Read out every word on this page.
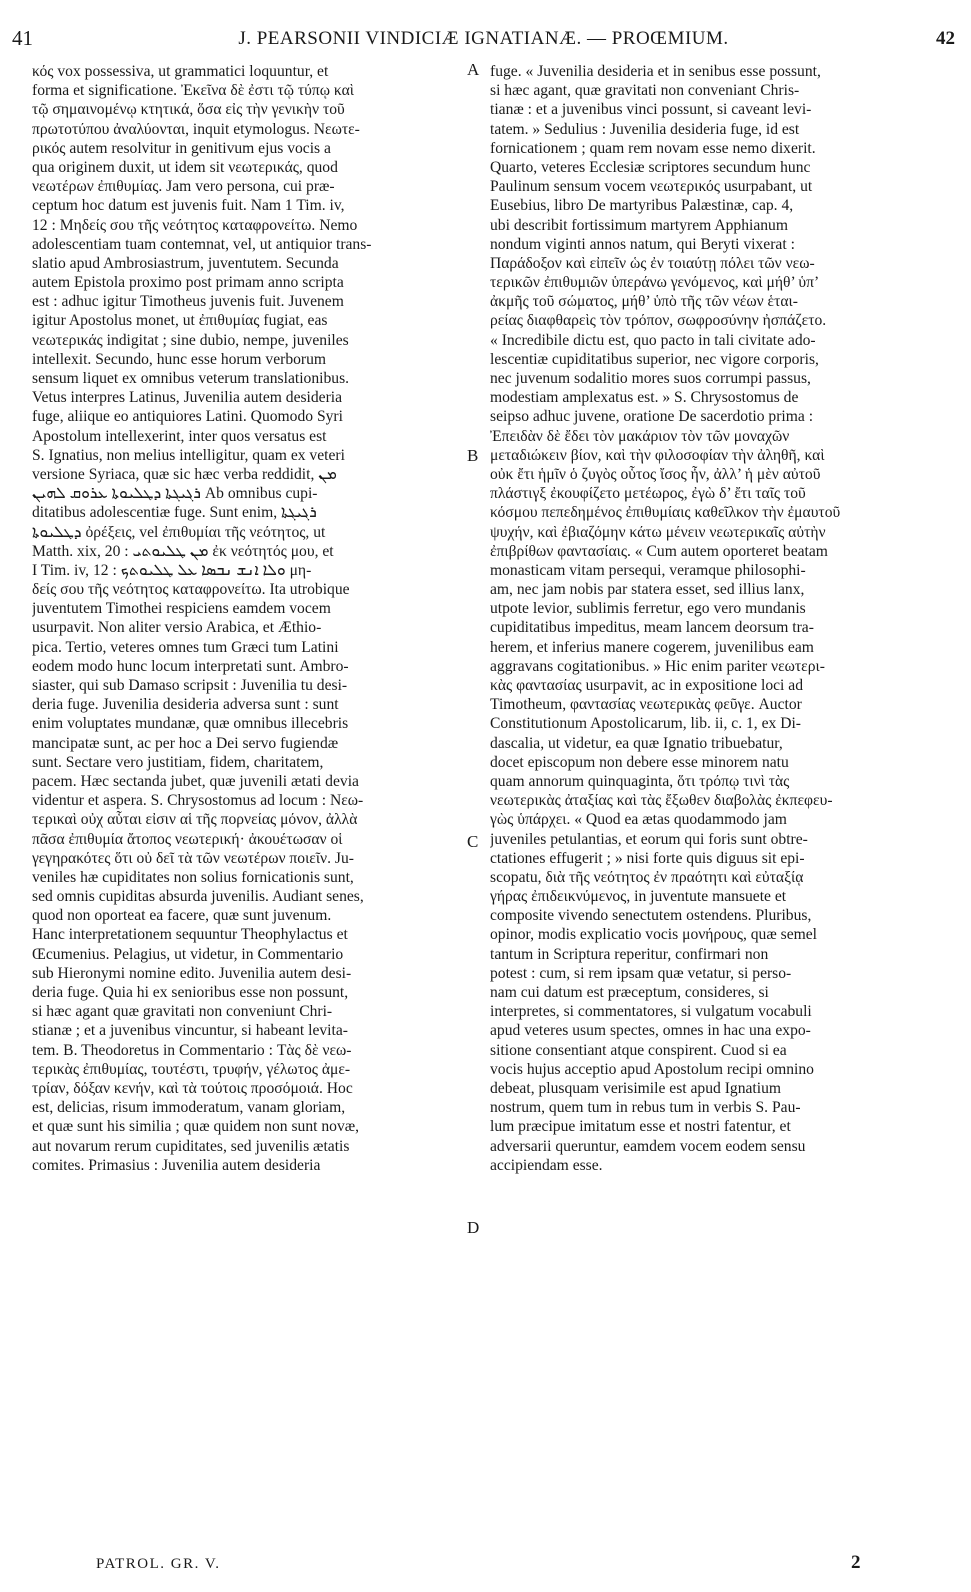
41	J. PEARSONII VINDICIÆ IGNATIANÆ. — PROŒMIUM.	42
κός vox possessiva, ut grammatici loquuntur, et
forma et significatione. Ἐκεῖνα δὲ ἐστι τῷ τύπῳ καὶ
τῷ σημαινομένῳ κτητικά, ὅσα εἰς τὴν γενικὴν τοῦ
πρωτοτύπου ἀναλύονται, inquit etymologus. Νεωτε-
ρικός autem resolvitur in genitivum ejus vocis a
qua originem duxit, ut idem sit νεωτερικάς, quod
νεωτέρων ἐπιθυμίας. Jam vero persona, cui præ-
ceptum hoc datum est juvenis fuit. Nam 1 Tim. iv,
12 : Μηδείς σου τῆς νεότητος καταφρονείτω. Nemo
adolescentiam tuam contemnat, vel, ut antiquior trans-
slatio apud Ambrosiastrum, juventutem. Secunda
autem Epistola proximo post primam anno scripta
est : adhuc igitur Timotheus juvenis fuit. Juvenem
igitur Apostolus monet, ut ἐπιθυμίας fugiat, eas
νεωτερικάς indigitat ; sine dubio, nempe, juveniles
intellexit. Secundo, hunc esse horum verborum
sensum liquet ex omnibus veterum translationibus.
Vetus interpres Latinus, Juvenilia autem desideria
fuge, aliique eo antiquiores Latini. Quomodo Syri
Apostolum intellexerint, inter quos versatus est
S. Ignatius, non melius intelligitur, quam ex veteri
versione Syriaca, quæ sic hæc verba reddidit, ܡܢ
ܪܓܝܓܬܐ ܕܛܠܝܘܬܐ ܥܪܘܩ ܠܗܝܢ Ab omnibus cupi-
ditatibus adolescentiæ fuge. Sunt enim, ܪܓܝܓܬܐ
ܕܛܠܝܘܬܐ ὀρέξεις, vel ἐπιθυμίαι τῆς νεότητος, ut
Matth. xix, 20 : ܡܢ ܛܠܝܘܬܝ ἐκ νεότητός μου, et
I Tim. iv, 12 : ܘܠܐ ܐܢܫ ܢܒܣܐ ܥܠ ܛܠܝܘܬܟ μη-
δείς σου τῆς νεότητος καταφρονείτω. Ita utrobique
juventutem Timothei respiciens eamdem vocem
usurpavit. Non aliter versio Arabica, et Æthio-
pica. Tertio, veteres omnes tum Græci tum Latini
eodem modo hunc locum interpretati sunt. Ambro-
siaster, qui sub Damaso scripsit : Juvenilia tu desi-
deria fuge. Juvenilia desideria adversa sunt : sunt
enim voluptates mundanæ, quæ omnibus illecebris
mancipatæ sunt, ac per hoc a Dei servo fugiendæ
sunt. Sectare vero justitiam, fidem, charitatem,
pacem. Hæc sectanda jubet, quæ juvenili ætati devia
videntur et aspera. S. Chrysostomus ad locum : Νεω-
τερικαὶ οὐχ αὗται εἰσιν αἱ τῆς πορνείας μόνον, ἀλλὰ
πᾶσα ἐπιθυμία ἄτοπος νεωτερική· ἀκουέτωσαν οἱ
γεγηρακότες ὅτι οὐ δεῖ τὰ τῶν νεωτέρων ποιεῖν. Ju-
veniles hæ cupiditates non solius fornicationis sunt,
sed omnis cupiditas absurda juvenilis. Audiant senes,
quod non oporteat ea facere, quæ sunt juvenum.
Hanc interpretationem sequuntur Theophylactus et
Œcumenius. Pelagius, ut videtur, in Commentario
sub Hieronymi nomine edito. Juvenilia autem desi-
deria fuge. Quia hi ex senioribus esse non possunt,
si hæc agant quæ gravitati non conveniunt Chri-
stianæ ; et a juvenibus vincuntur, si habeant levita-
tem. B. Theodoretus in Commentario : Τὰς δὲ νεω-
τερικὰς ἐπιθυμίας, τουτέστι, τρυφήν, γέλωτος ἀμε-
τρίαν, δόξαν κενήν, καὶ τὰ τούτοις προσόμοιά. Hoc
est, delicias, risum immoderatum, vanam gloriam,
et quæ sunt his similia ; quæ quidem non sunt novæ,
aut novarum rerum cupiditates, sed juvenilis ætatis
comites. Primasius : Juvenilia autem desideria
fuge. « Juvenilia desideria et in senibus esse possunt,
si hæc agant, quæ gravitati non conveniant Chris-
tianæ : et a juvenibus vinci possunt, si caveant levi-
tatem. » Sedulius : Juvenilia desideria fuge, id est
fornicationem ; quam rem novam esse nemo dixerit.
Quarto, veteres Ecclesiæ scriptores secundum hunc
Paulinum sensum vocem νεωτερικός usurpabant, ut
Eusebius, libro De martyribus Palæstinæ, cap. 4,
ubi describit fortissimum martyrem Apphianum
nondum viginti annos natum, qui Beryti vixerat :
Παράδοξον καὶ εἰπεῖν ὡς ἐν τοιαύτῃ πόλει τῶν νεω-
τερικῶν ἐπιθυμιῶν ὑπεράνω γενόμενος, καὶ μήθ’ ὑπ’
ἀκμῆς τοῦ σώματος, μήθ’ ὑπὸ τῆς τῶν νέων ἑται-
ρείας διαφθαρεὶς τὸν τρόπον, σωφροσύνην ἠσπάζετο.
« Incredibile dictu est, quo pacto in tali civitate ado-
lescentiæ cupiditatibus superior, nec vigore corporis,
nec juvenum sodalitio mores suos corrumpi passus,
modestiam amplexatus est. » S. Chrysostomus de
seipso adhuc juvene, oratione De sacerdotio prima :
Ἐπειδὰν δὲ ἔδει τὸν μακάριον τὸν τῶν μοναχῶν
μεταδιώκειν βίον, καὶ τὴν φιλοσοφίαν τὴν ἀληθῆ, καὶ
οὐκ ἔτι ἡμῖν ὁ ζυγὸς οὗτος ἴσος ἦν, ἀλλ’ ἡ μὲν αὐτοῦ
πλάστιγξ ἐκουφίζετο μετέωρος, ἐγὼ δ’ ἔτι ταῖς τοῦ
κόσμου πεπεδημένος ἐπιθυμίαις καθεῖλκον τὴν ἐμαυτοῦ
ψυχήν, καὶ ἐβιαζόμην κάτω μένειν νεωτερικαῖς αὐτὴν
ἐπιβρίθων φαντασίαις. « Cum autem oporteret beatam
monasticam vitam persequi, veramque philosophi-
am, nec jam nobis par statera esset, sed illius lanx,
utpote levior, sublimis ferretur, ego vero mundanis
cupiditatibus impeditus, meam lancem deorsum tra-
herem, et inferius manere cogerem, juvenilibus eam
aggravans cogitationibus. » Hic enim pariter νεωτερι-
κὰς φαντασίας usurpavit, ac in expositione loci ad
Timotheum, φαντασίας νεωτερικὰς φεῦγε. Auctor
Constitutionum Apostolicarum, lib. ii, c. 1, ex Di-
dascalia, ut videtur, ea quæ Ignatio tribuebatur,
docet episcopum non debere esse minorem natu
quam annorum quinquaginta, ὅτι τρόπῳ τινὶ τὰς
νεωτερικὰς ἀταξίας καὶ τὰς ἔξωθεν διαβολὰς ἐκπεφευ-
γὼς ὑπάρχει. « Quod ea ætas quodammodo jam
juveniles petulantias, et eorum qui foris sunt obtre-
ctationes effugerit ; » nisi forte quis diguus sit epi-
scopatu, διὰ τῆς νεότητος ἐν πραότητι καὶ εὐταξίᾳ
γήρας ἐπιδεικνύμενος, in juventute mansuete et
composite vivendo senectutem ostendens. Pluribus,
opinor, modis explicatio vocis μονήρους, quæ semel
tantum in Scriptura reperitur, confirmari non
potest : cum, si rem ipsam quæ vetatur, si perso-
nam cui datum est præceptum, consideres, si
interpretes, si commentatores, si vulgatum vocabuli
apud veteres usum spectes, omnes in hac una expo-
sitione consentiant atque conspirent. Cuod si ea
vocis hujus acceptio apud Apostolum recipi omnino
debeat, plusquam verisimile est apud Ignatium
nostrum, quem tum in rebus tum in verbis S. Pau-
lum præcipue imitatum esse et nostri fatentur, et
adversarii queruntur, eamdem vocem eodem sensu
accipiendam esse.
A
B
C
D
PATROL. GR. V.	2
